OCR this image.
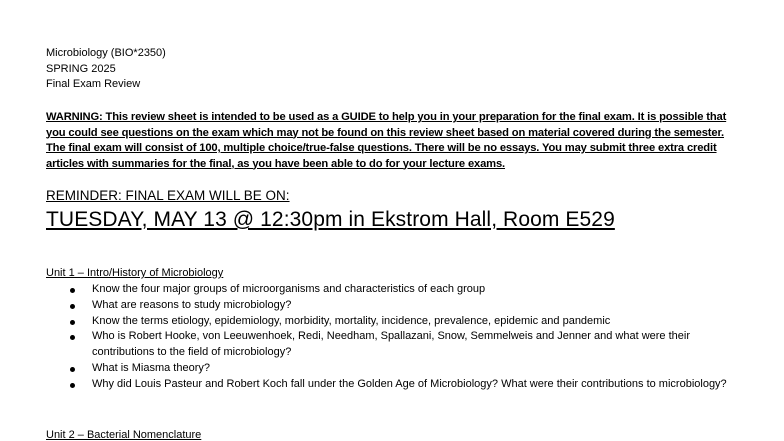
Microbiology (BIO*2350)
SPRING 2025
Final Exam Review
WARNING: This review sheet is intended to be used as a GUIDE to help you in your preparation for the final exam. It is possible that you could see questions on the exam which may not be found on this review sheet based on material covered during the semester. The final exam will consist of 100, multiple choice/true-false questions. There will be no essays. You may submit three extra credit articles with summaries for the final, as you have been able to do for your lecture exams.
REMINDER: FINAL EXAM WILL BE ON:
TUESDAY, MAY 13 @ 12:30pm in Ekstrom Hall, Room E529
Unit 1 – Intro/History of Microbiology
Know the four major groups of microorganisms and characteristics of each group
What are reasons to study microbiology?
Know the terms etiology, epidemiology, morbidity, mortality, incidence, prevalence, epidemic and pandemic
Who is Robert Hooke, von Leeuwenhoek, Redi, Needham, Spallazani, Snow, Semmelweis and Jenner and what were their contributions to the field of microbiology?
What is Miasma theory?
Why did Louis Pasteur and Robert Koch fall under the Golden Age of Microbiology? What were their contributions to microbiology?
Unit 2 – Bacterial Nomenclature
